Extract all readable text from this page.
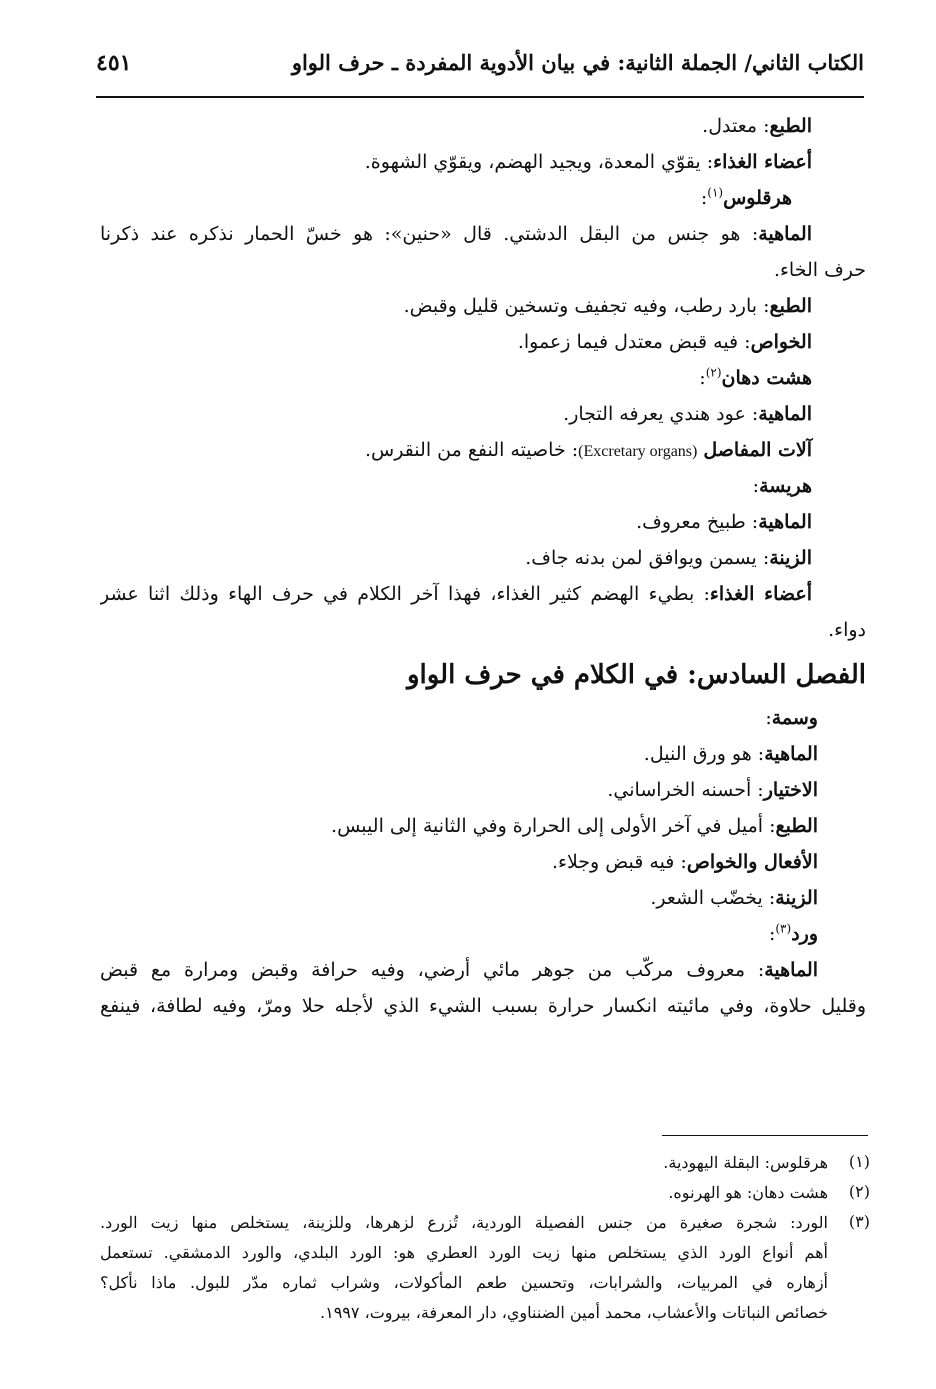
الكتاب الثاني/ الجملة الثانية: في بيان الأدوية المفردة ـ حرف الواو
٤٥١
الطبع: معتدل.
أعضاء الغذاء: يقوّي المعدة، ويجيد الهضم، ويقوّي الشهوة.
هرقلوس$^{(١)}$:
الماهية: هو جنس من البقل الدشتي. قال «حنين»: هو خسّ الحمار نذكره عند ذكرنا
حرف الخاء.
الطبع: بارد رطب، وفيه تجفيف وتسخين قليل وقبض.
الخواص: فيه قبض معتدل فيما زعموا.
هشت دهان$^{(٢)}$:
الماهية: عود هندي يعرفه التجار.
آلات المفاصل (Excretary organs): خاصيته النفع من النقرس.
هريسة:
الماهية: طبيخ معروف.
الزينة: يسمن ويوافق لمن بدنه جاف.
أعضاء الغذاء: بطيء الهضم كثير الغذاء، فهذا آخر الكلام في حرف الهاء وذلك اثنا عشر
دواء.
الفصل السادس: في الكلام في حرف الواو
وسمة:
الماهية: هو ورق النيل.
الاختيار: أحسنه الخراساني.
الطبع: أميل في آخر الأولى إلى الحرارة وفي الثانية إلى اليبس.
الأفعال والخواص: فيه قبض وجلاء.
الزينة: يخضّب الشعر.
ورد$^{(٣)}$:
الماهية: معروف مركّب من جوهر مائي أرضي، وفيه حرافة وقبض ومرارة مع قبض
وقليل حلاوة، وفي مائيته انكسار حرارة بسبب الشيء الذي لأجله حلا ومرّ، وفيه لطافة، فينفع
(١)
هرقلوس: البقلة اليهودية.
(٢)
هشت دهان: هو الهرنوه.
(٣)
الورد: شجرة صغيرة من جنس الفصيلة الوردية، تُزرع لزهرها، وللزينة، يستخلص منها زيت الورد.
أهم أنواع الورد الذي يستخلص منها زيت الورد العطري هو: الورد البلدي، والورد الدمشقي. تستعمل
أزهاره في المربيات، والشرابات، وتحسين طعم المأكولات، وشراب ثماره مدّر للبول. ماذا نأكل؟
خصائص النباتات والأعشاب، محمد أمين الضنناوي، دار المعرفة، بيروت، ١٩٩٧.
